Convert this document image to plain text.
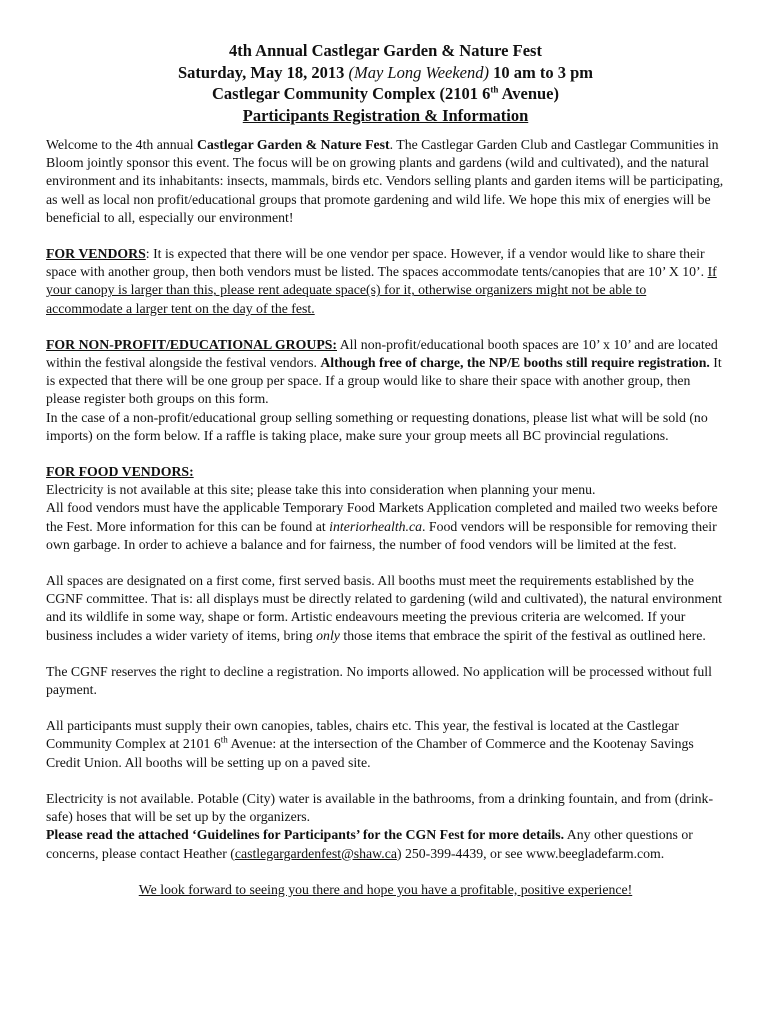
4th Annual Castlegar Garden & Nature Fest
Saturday, May 18, 2013 (May Long Weekend) 10 am to 3 pm
Castlegar Community Complex (2101 6th Avenue)
Participants Registration & Information

Welcome to the 4th annual Castlegar Garden & Nature Fest. The Castlegar Garden Club and Castlegar Communities in Bloom jointly sponsor this event. The focus will be on growing plants and gardens (wild and cultivated), and the natural environment and its inhabitants: insects, mammals, birds etc. Vendors selling plants and garden items will be participating, as well as local non profit/educational groups that promote gardening and wild life. We hope this mix of energies will be beneficial to all, especially our environment!

FOR VENDORS: It is expected that there will be one vendor per space. However, if a vendor would like to share their space with another group, then both vendors must be listed. The spaces accommodate tents/canopies that are 10’ X 10’. If your canopy is larger than this, please rent adequate space(s) for it, otherwise organizers might not be able to accommodate a larger tent on the day of the fest.

FOR NON-PROFIT/EDUCATIONAL GROUPS: All non-profit/educational booth spaces are 10’ x 10’ and are located within the festival alongside the festival vendors. Although free of charge, the NP/E booths still require registration. It is expected that there will be one group per space. If a group would like to share their space with another group, then please register both groups on this form.

In the case of a non-profit/educational group selling something or requesting donations, please list what will be sold (no imports) on the form below. If a raffle is taking place, make sure your group meets all BC provincial regulations.

FOR FOOD VENDORS:

Electricity is not available at this site; please take this into consideration when planning your menu.

All food vendors must have the applicable Temporary Food Markets Application completed and mailed two weeks before the Fest. More information for this can be found at interiorhealth.ca. Food vendors will be responsible for removing their own garbage. In order to achieve a balance and for fairness, the number of food vendors will be limited at the fest.

All spaces are designated on a first come, first served basis. All booths must meet the requirements established by the CGNF committee. That is: all displays must be directly related to gardening (wild and cultivated), the natural environment and its wildlife in some way, shape or form. Artistic endeavours meeting the previous criteria are welcomed. If your business includes a wider variety of items, bring only those items that embrace the spirit of the festival as outlined here.

The CGNF reserves the right to decline a registration. No imports allowed. No application will be processed without full payment.

All participants must supply their own canopies, tables, chairs etc. This year, the festival is located at the Castlegar Community Complex at 2101 6th Avenue: at the intersection of the Chamber of Commerce and the Kootenay Savings Credit Union. All booths will be setting up on a paved site.

Electricity is not available. Potable (City) water is available in the bathrooms, from a drinking fountain, and from (drink-safe) hoses that will be set up by the organizers.
Please read the attached ‘Guidelines for Participants’ for the CGN Fest for more details. Any other questions or concerns, please contact Heather (castlegargardenfest@shaw.ca) 250-399-4439, or see www.beegladefarm.com.

We look forward to seeing you there and hope you have a profitable, positive experience!
